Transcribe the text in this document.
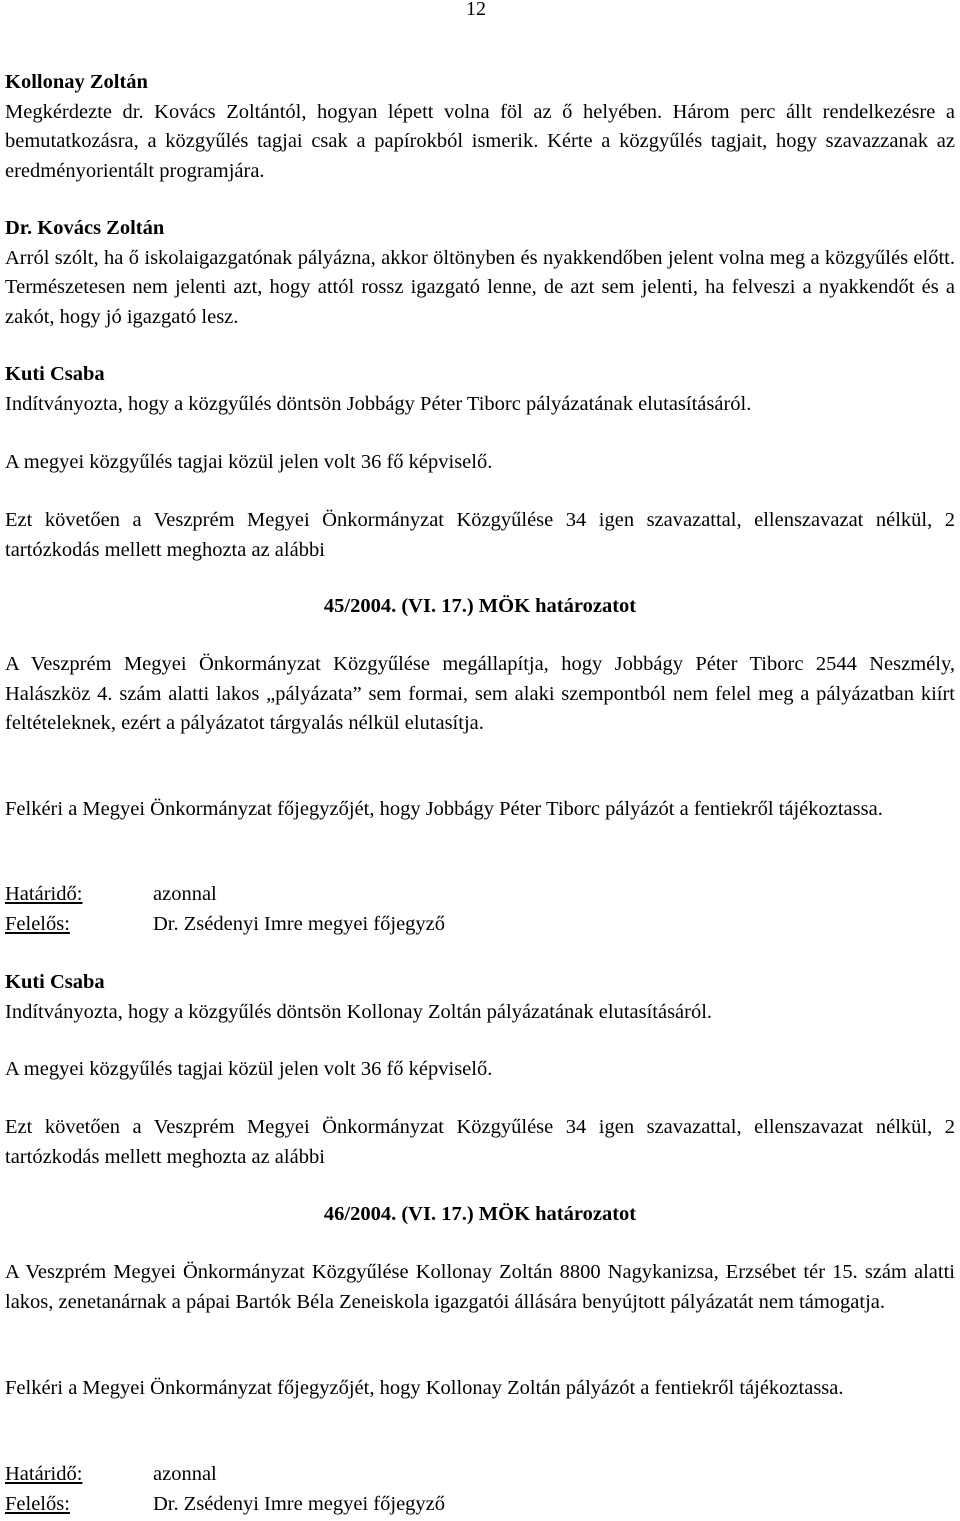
12

Kollonay Zoltán

Megkérdezte dr. Kovács Zoltántól, hogyan lépett volna föl az ő helyében. Három perc állt rendelkezésre a bemutatkozásra, a közgyűlés tagjai csak a papírokból ismerik. Kérte a közgyűlés tagjait, hogy szavazzanak az eredményorientált programjára.

Dr. Kovács Zoltán

Arról szólt, ha ő iskolaigazgatónak pályázna, akkor öltönyben és nyakkendőben jelent volna meg a közgyűlés előtt. Természetesen nem jelenti azt, hogy attól rossz igazgató lenne, de azt sem jelenti, ha felveszi a nyakkendőt és a zakót, hogy jó igazgató lesz.

Kuti Csaba

Indítványozta, hogy a közgyűlés döntsön Jobbágy Péter Tiborc pályázatának elutasításáról.

A megyei közgyűlés tagjai közül jelen volt 36 fő képviselő.

Ezt követően a Veszprém Megyei Önkormányzat Közgyűlése 34 igen szavazattal, ellenszavazat nélkül, 2 tartózkodás mellett meghozta az alábbi

45/2004. (VI. 17.) MÖK határozatot

A Veszprém Megyei Önkormányzat Közgyűlése megállapítja, hogy Jobbágy Péter Tiborc 2544 Neszmély, Halászköz 4. szám alatti lakos „pályázata” sem formai, sem alaki szempontból nem felel meg a pályázatban kiírt feltételeknek, ezért a pályázatot tárgyalás nélkül elutasítja.

Felkéri a Megyei Önkormányzat főjegyzőjét, hogy Jobbágy Péter Tiborc pályázót a fentiekről tájékoztassa.

Határidő:	azonnal
Felelős:	Dr. Zsédenyi Imre megyei főjegyző

Kuti Csaba

Indítványozta, hogy a közgyűlés döntsön Kollonay Zoltán pályázatának elutasításáról.

A megyei közgyűlés tagjai közül jelen volt 36 fő képviselő.

Ezt követően a Veszprém Megyei Önkormányzat Közgyűlése 34 igen szavazattal, ellenszavazat nélkül, 2 tartózkodás mellett meghozta az alábbi

46/2004. (VI. 17.) MÖK határozatot

A Veszprém Megyei Önkormányzat Közgyűlése Kollonay Zoltán 8800 Nagykanizsa, Erzsébet tér 15. szám alatti lakos, zenetanárnak a pápai Bartók Béla Zeneiskola igazgatói állására benyújtott pályázatát nem támogatja.

Felkéri a Megyei Önkormányzat főjegyzőjét, hogy Kollonay Zoltán pályázót a fentiekről tájékoztassa.

Határidő:	azonnal
Felelős:	Dr. Zsédenyi Imre megyei főjegyző
